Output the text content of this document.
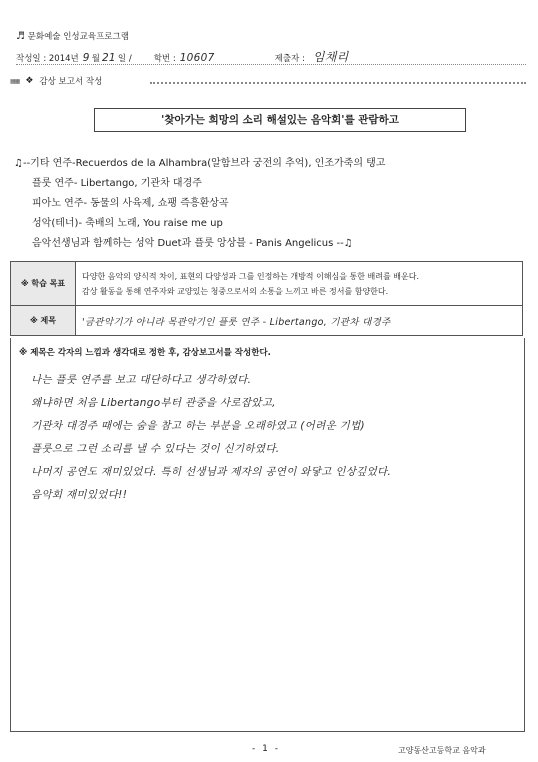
♬ 문화예술 인성교육프로그램
작성일 : 2014년 9 월 21 일 /	학번 : 10607	제출자 : 임채리
▦▦ ❖ 감상 보고서 작성
'찾아가는 희망의 소리 해설있는 음악회'를 관람하고
♫--기타 연주-Recuerdos de la Alhambra(알함브라 궁전의 추억), 인조가죽의 탱고
플룻 연주- Libertango, 기관차 대경주
피아노 연주- 동물의 사육제, 쇼팽 즉흥환상곡
성악(테너)- 축배의 노래, You raise me up
음악선생님과 함께하는 성악 Duet과 플룻 앙상블 - Panis Angelicus --♫
※ 학습 목표	다양한 음악의 양식적 차이, 표현의 다양성과 그를 인정하는 개방적 이해심을 통한 배려를 배운다.
감상 활동을 통해 연주자와 교양있는 청중으로서의 소통을 느끼고 바른 정서를 함양한다.

※ 제목	'금관악기가 아니라 목관악기인 플룻 연주 - Libertango, 기관차 대경주
※ 제목은 각자의 느낌과 생각대로 정한 후, 감상보고서를 작성한다.
나는 플룻 연주를 보고 대단하다고 생각하였다.
왜냐하면 처음 Libertango부터 관중을 사로잡았고,
기관차 대경주 때에는 숨을 참고 하는 부분을 오래하였고 (어려운 기법)
플룻으로 그런 소리를 낼 수 있다는 것이 신기하였다.
나머지 공연도 재미있었다. 특히 선생님과 제자의 공연이 와닿고 인상깊었다.
음악회 재미있었다!!
- 1 -	고양동산고등학교 음악과
